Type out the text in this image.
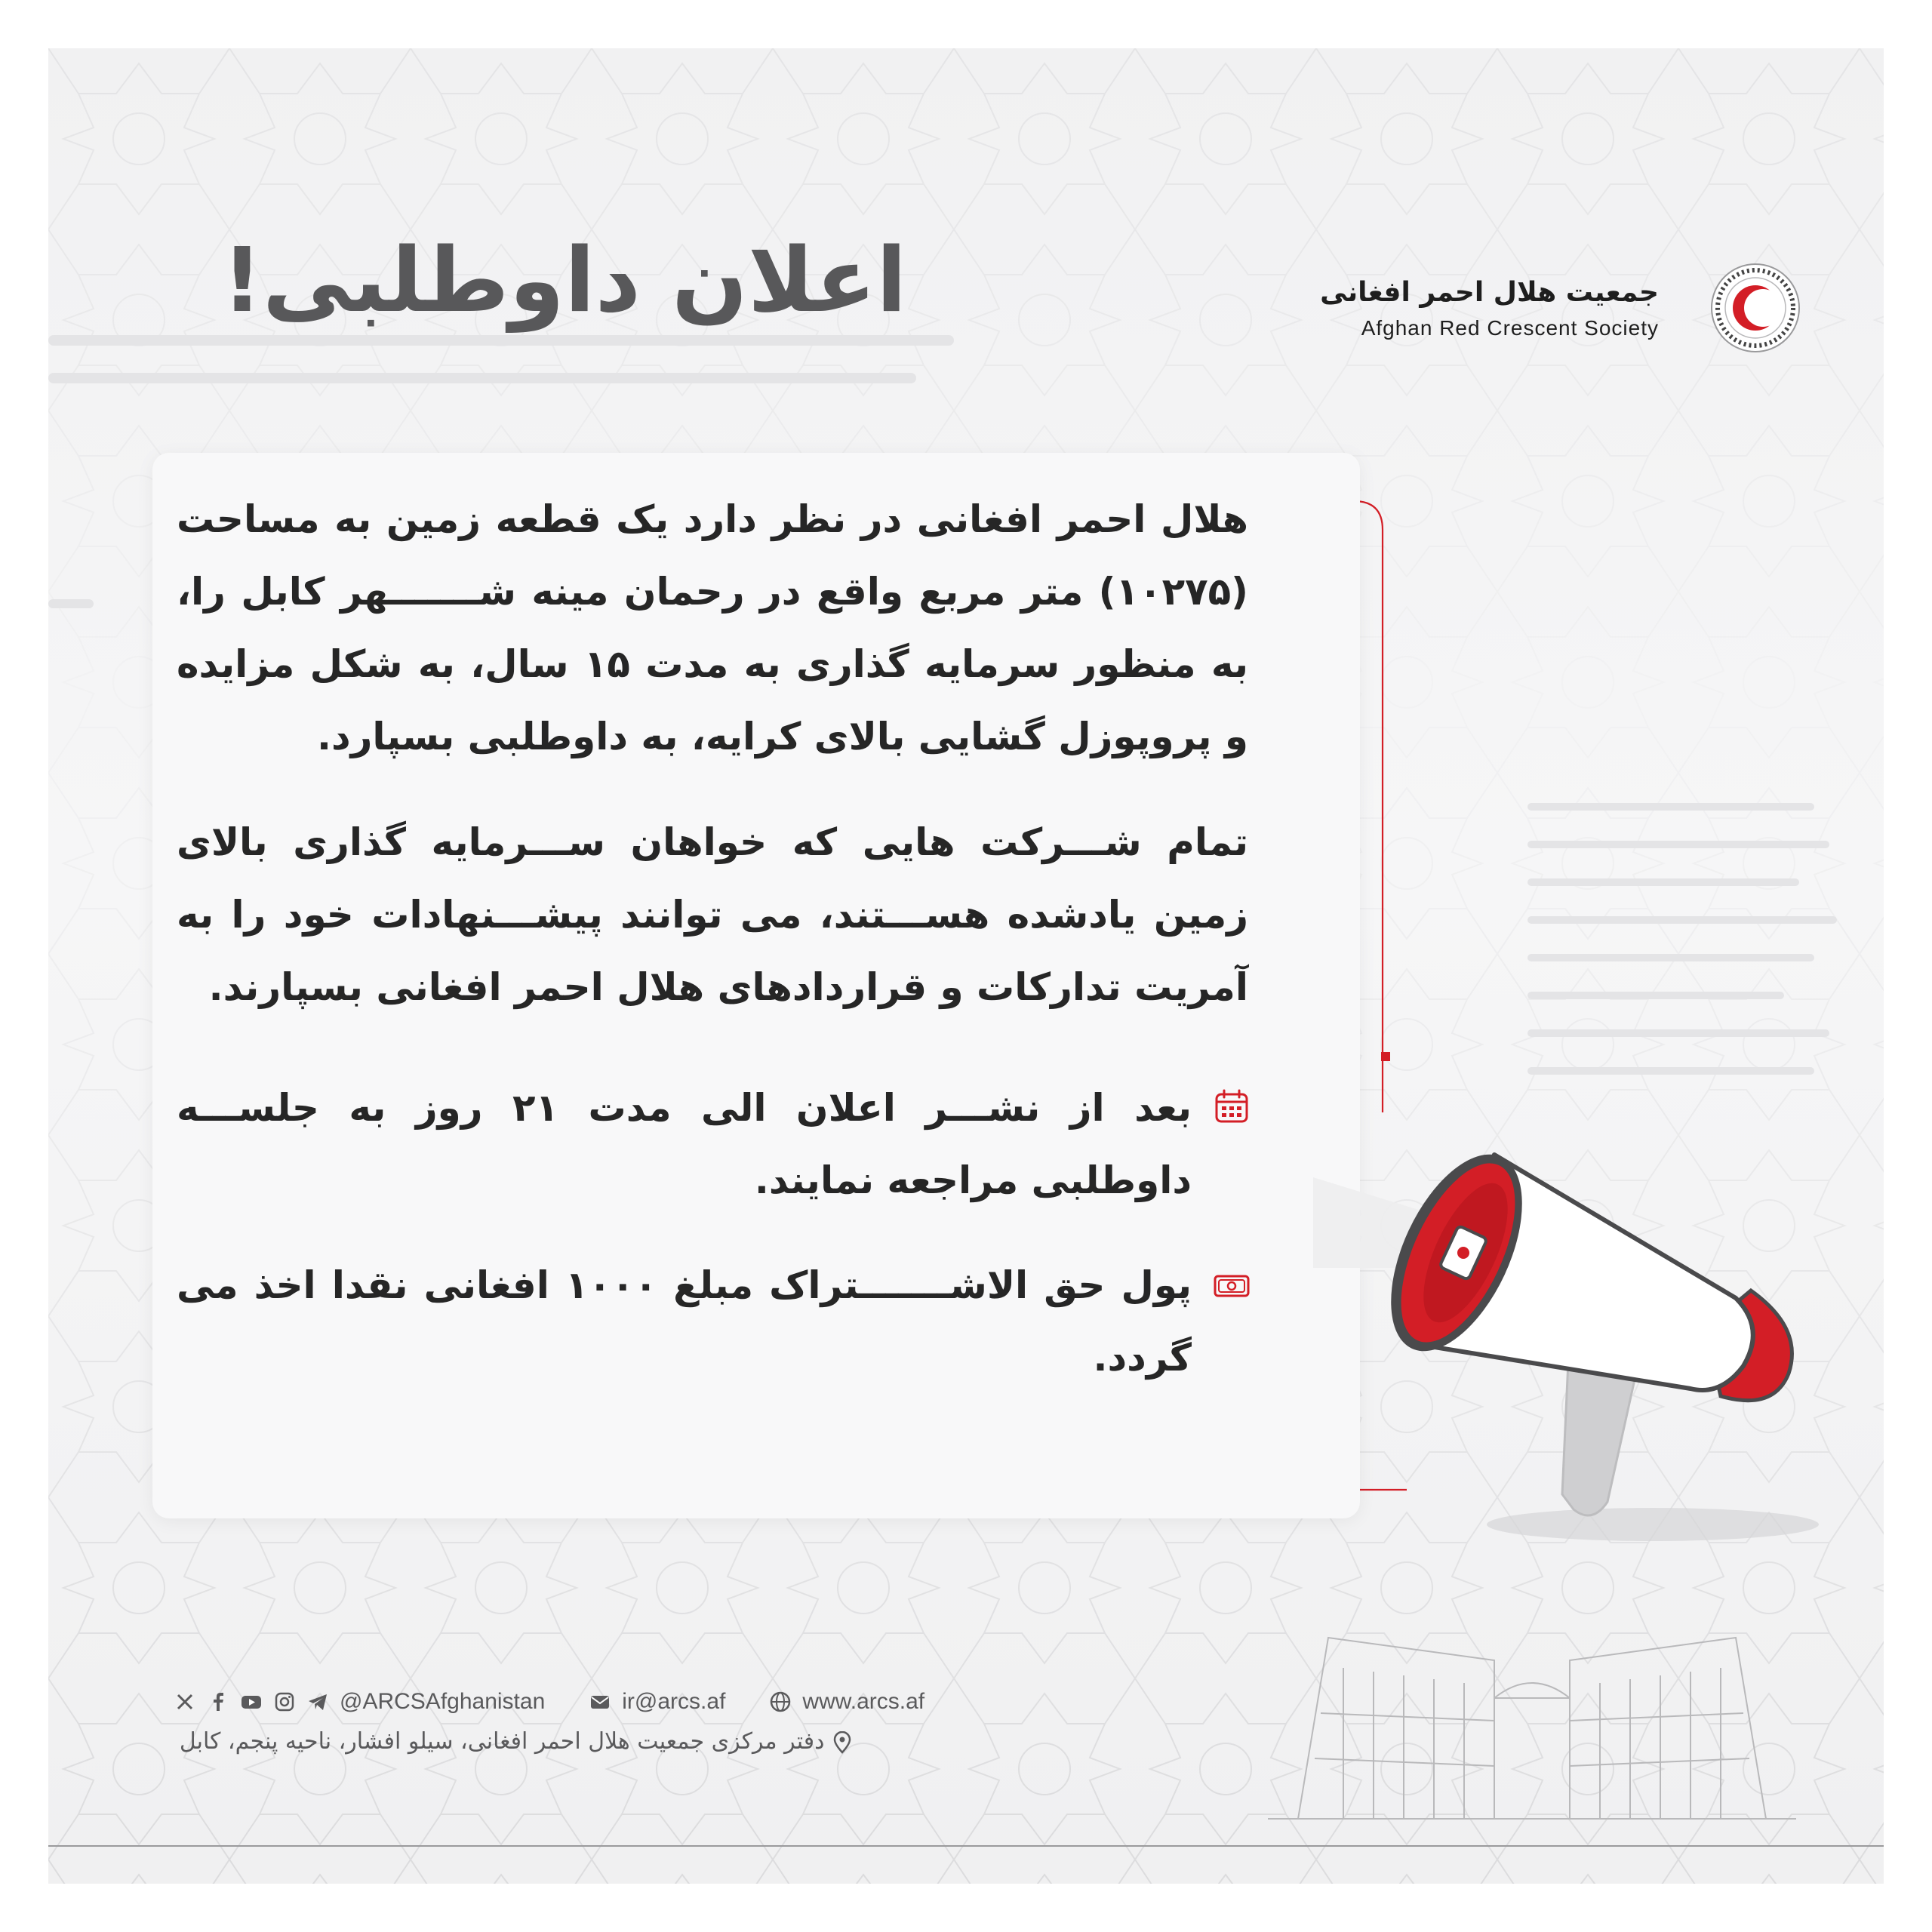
اعلان داوطلبی!	جمعیت هلال احمر افغانی
Afghan Red Crescent Society
هلال احمر افغانی در نظر دارد یک قطعه زمین به مساحت (۱۰۲۷۵) متر مربع واقع در رحمان مینه شـــــــهر کابل را، به منظور سرمایه گذاری به مدت ۱۵ سال، به شکل مزایده و پروپوزل گشایی بالای کرایه، به داوطلبی بسپارد.
تمام شـــرکت هایی که خواهان ســـرمایه گذاری بالای زمین یادشده هســـتند، می توانند پیشـــنهادات خود را به آمریت تدارکات و قراردادهای هلال احمر افغانی بسپارند.
بعد از نشـــر اعلان الی مدت ۲۱ روز به جلســـه داوطلبی مراجعه نمایند.
پول حق الاشـــــــتراک مبلغ ۱۰۰۰ افغانی نقدا اخذ می گردد.
@ARCSAfghanistan	ir@arcs.af	www.arcs.af
دفتر مرکزی جمعیت هلال احمر افغانی، سیلو افشار، ناحیه پنجم، کابل
